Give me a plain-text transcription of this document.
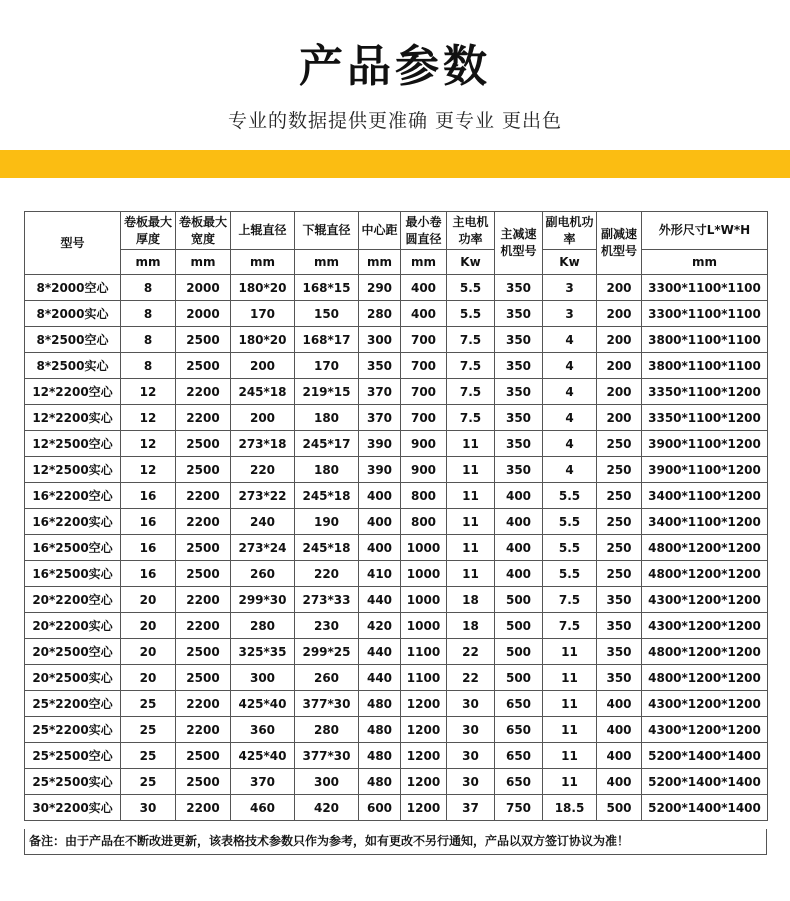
产品参数
专业的数据提供更准确 更专业 更出色
型号	卷板最大厚度	卷板最大宽度	上辊直径	下辊直径	中心距	最小卷圆直径	主电机功率	主减速机型号	副电机功率	副减速机型号	外形尺寸L*W*H
	mm	mm	mm	mm	mm	mm	Kw		Kw		mm
8*2000空心	8	2000	180*20	168*15	290	400	5.5	350	3	200	3300*1100*1100
8*2000实心	8	2000	170	150	280	400	5.5	350	3	200	3300*1100*1100
8*2500空心	8	2500	180*20	168*17	300	700	7.5	350	4	200	3800*1100*1100
8*2500实心	8	2500	200	170	350	700	7.5	350	4	200	3800*1100*1100
12*2200空心	12	2200	245*18	219*15	370	700	7.5	350	4	200	3350*1100*1200
12*2200实心	12	2200	200	180	370	700	7.5	350	4	200	3350*1100*1200
12*2500空心	12	2500	273*18	245*17	390	900	11	350	4	250	3900*1100*1200
12*2500实心	12	2500	220	180	390	900	11	350	4	250	3900*1100*1200
16*2200空心	16	2200	273*22	245*18	400	800	11	400	5.5	250	3400*1100*1200
16*2200实心	16	2200	240	190	400	800	11	400	5.5	250	3400*1100*1200
16*2500空心	16	2500	273*24	245*18	400	1000	11	400	5.5	250	4800*1200*1200
16*2500实心	16	2500	260	220	410	1000	11	400	5.5	250	4800*1200*1200
20*2200空心	20	2200	299*30	273*33	440	1000	18	500	7.5	350	4300*1200*1200
20*2200实心	20	2200	280	230	420	1000	18	500	7.5	350	4300*1200*1200
20*2500空心	20	2500	325*35	299*25	440	1100	22	500	11	350	4800*1200*1200
20*2500实心	20	2500	300	260	440	1100	22	500	11	350	4800*1200*1200
25*2200空心	25	2200	425*40	377*30	480	1200	30	650	11	400	4300*1200*1200
25*2200实心	25	2200	360	280	480	1200	30	650	11	400	4300*1200*1200
25*2500空心	25	2500	425*40	377*30	480	1200	30	650	11	400	5200*1400*1400
25*2500实心	25	2500	370	300	480	1200	30	650	11	400	5200*1400*1400
30*2200实心	30	2200	460	420	600	1200	37	750	18.5	500	5200*1400*1400
备注：由于产品在不断改进更新，该表格技术参数只作为参考，如有更改不另行通知，产品以双方签订协议为准！
